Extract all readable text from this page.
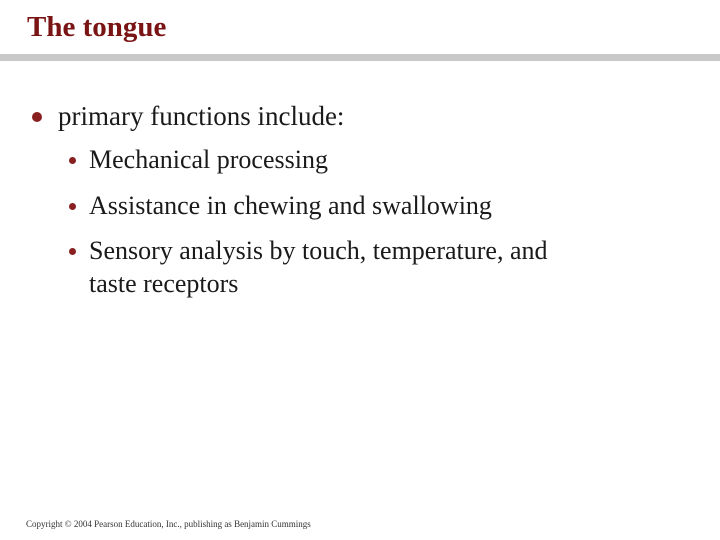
The tongue
primary functions include:
Mechanical processing
Assistance in chewing and swallowing
Sensory analysis by touch, temperature, and
taste receptors
Copyright © 2004 Pearson Education, Inc., publishing as Benjamin Cummings
